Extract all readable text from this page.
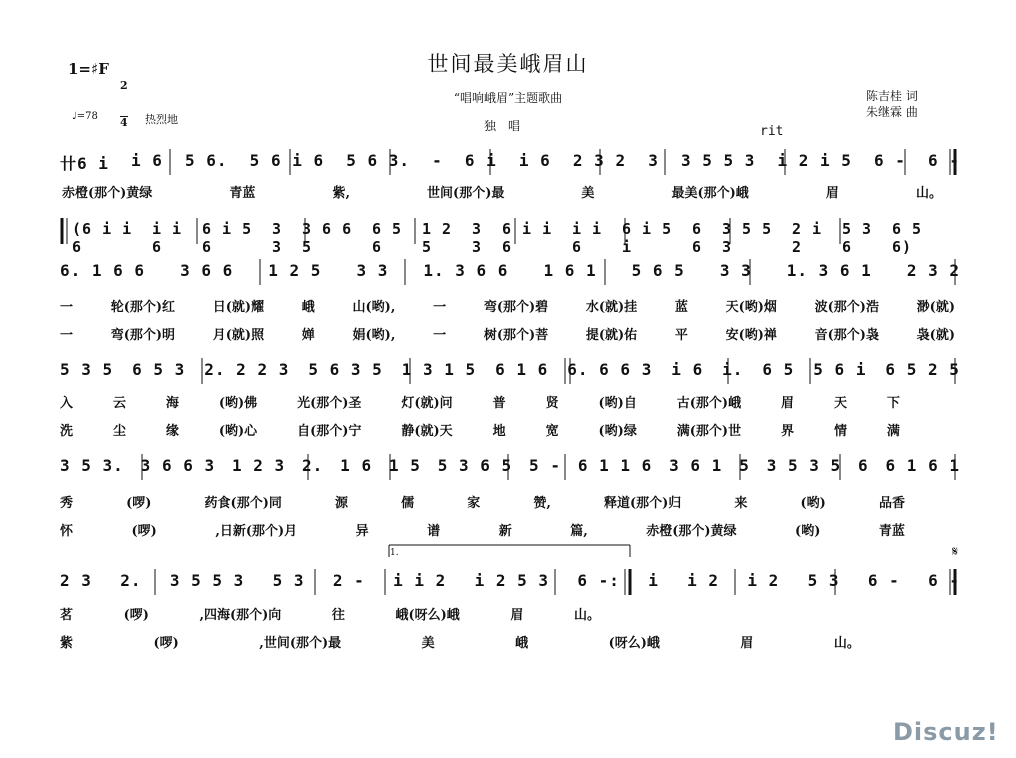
1=♯F

2

4

世间最美峨眉山
“唱响峨眉”主题歌曲
独唱
陈吉桂 词
朱继霖 曲
♩=78	热烈地
rit
卄6 i i 6 5 6. 5 6 i 6 5 6 3. - 6 i i 6 2 3 2 3 3 5 5 3 i 2 i 5 6 - 6 -
赤橙(那个)黄绿	青蓝	紫,	世间(那个)最	美	最美(那个)峨	眉	山。
(6 i i 6
i i 6
6 i 5 6
3 3
3 6 6 5
6 5 6
1 2 5
3 3
6 i i 6
i i 6
6 i 5 i
6 6
3 5 5 3
2 i 2
5 3 6
6 5 6)
6. 1 6 6 3 6 6 1 2 5 3 3 1. 3 6 6 1 6 1 5 6 5 3 3 1. 3 6 1 2 3 2
一	轮(那个)红	日(就)耀	峨	山(哟),	一	弯(那个)碧	水(就)挂	蓝	天(哟)烟	波(那个)浩	渺(就)
一	弯(那个)明	月(就)照	婵	娟(哟),	一	树(那个)菩	提(就)佑	平	安(哟)禅	音(那个)袅	袅(就)
5 3 5 6 5 3 2. 2 2 3 5 6 3 5 1 3 1 5 6 1 6 6. 6 6 3 i 6 i. 6 5 5 6 i 6 5 2 5
入	云	海	(哟)佛	光(那个)圣	灯(就)问	普	贤	(哟)自	古(那个)峨	眉	天	下
洗	尘	缘	(哟)心	自(那个)宁	静(就)天	地	宽	(哟)绿	满(那个)世	界	情	满
3 5 3. 3 6 6 3 1 2 3 2. 1 6 1 5 5 3 6 5 5 - 6 1 1 6 3 6 1 5 3 5 3 5 6 6 1 6 1
秀	(啰)	药食(那个)同	源	儒	家	赞,	释道(那个)归	来	(哟)	品香
怀	(啰)	,日新(那个)月	异	谱	新	篇,	赤橙(那个)黄绿	(哟)	青蓝
1.	𝄋
2 3 2. 3 5 5 3 5 3 2 - i i 2 i 2 5 3 6 -: i i 2 i 2 5 3 6 - 6 -
茗	(啰)	,四海(那个)向	往	峨(呀么)峨	眉	山。
紫	(啰)	,世间(那个)最	美	峨	(呀么)峨	眉	山。
Discuz!
